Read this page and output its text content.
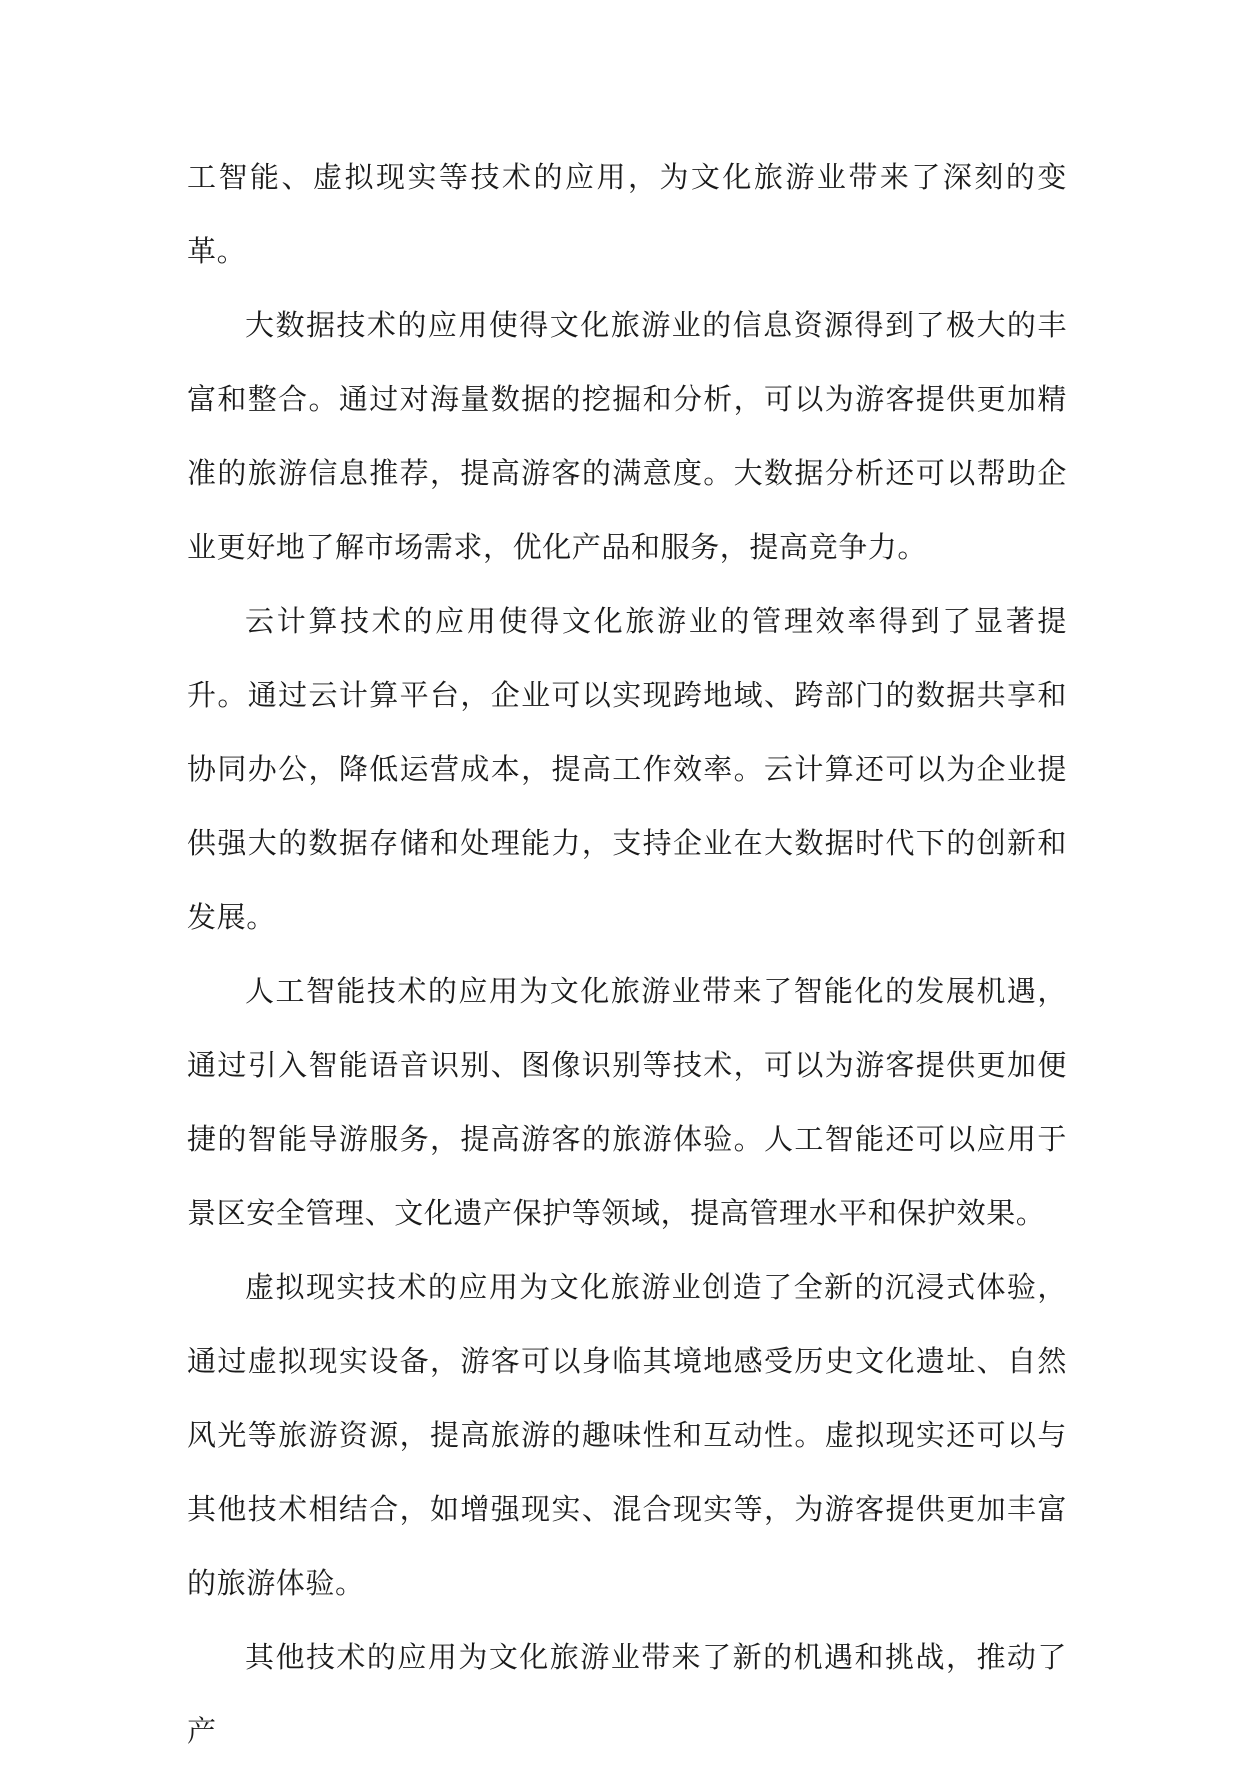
工智能、虚拟现实等技术的应用，为文化旅游业带来了深刻的变革。

大数据技术的应用使得文化旅游业的信息资源得到了极大的丰富和整合。通过对海量数据的挖掘和分析，可以为游客提供更加精准的旅游信息推荐，提高游客的满意度。大数据分析还可以帮助企业更好地了解市场需求，优化产品和服务，提高竞争力。

云计算技术的应用使得文化旅游业的管理效率得到了显著提升。通过云计算平台，企业可以实现跨地域、跨部门的数据共享和协同办公，降低运营成本，提高工作效率。云计算还可以为企业提供强大的数据存储和处理能力，支持企业在大数据时代下的创新和发展。

人工智能技术的应用为文化旅游业带来了智能化的发展机遇，通过引入智能语音识别、图像识别等技术，可以为游客提供更加便捷的智能导游服务，提高游客的旅游体验。人工智能还可以应用于景区安全管理、文化遗产保护等领域，提高管理水平和保护效果。

虚拟现实技术的应用为文化旅游业创造了全新的沉浸式体验，通过虚拟现实设备，游客可以身临其境地感受历史文化遗址、自然风光等旅游资源，提高旅游的趣味性和互动性。虚拟现实还可以与其他技术相结合，如增强现实、混合现实等，为游客提供更加丰富的旅游体验。

其他技术的应用为文化旅游业带来了新的机遇和挑战，推动了产
